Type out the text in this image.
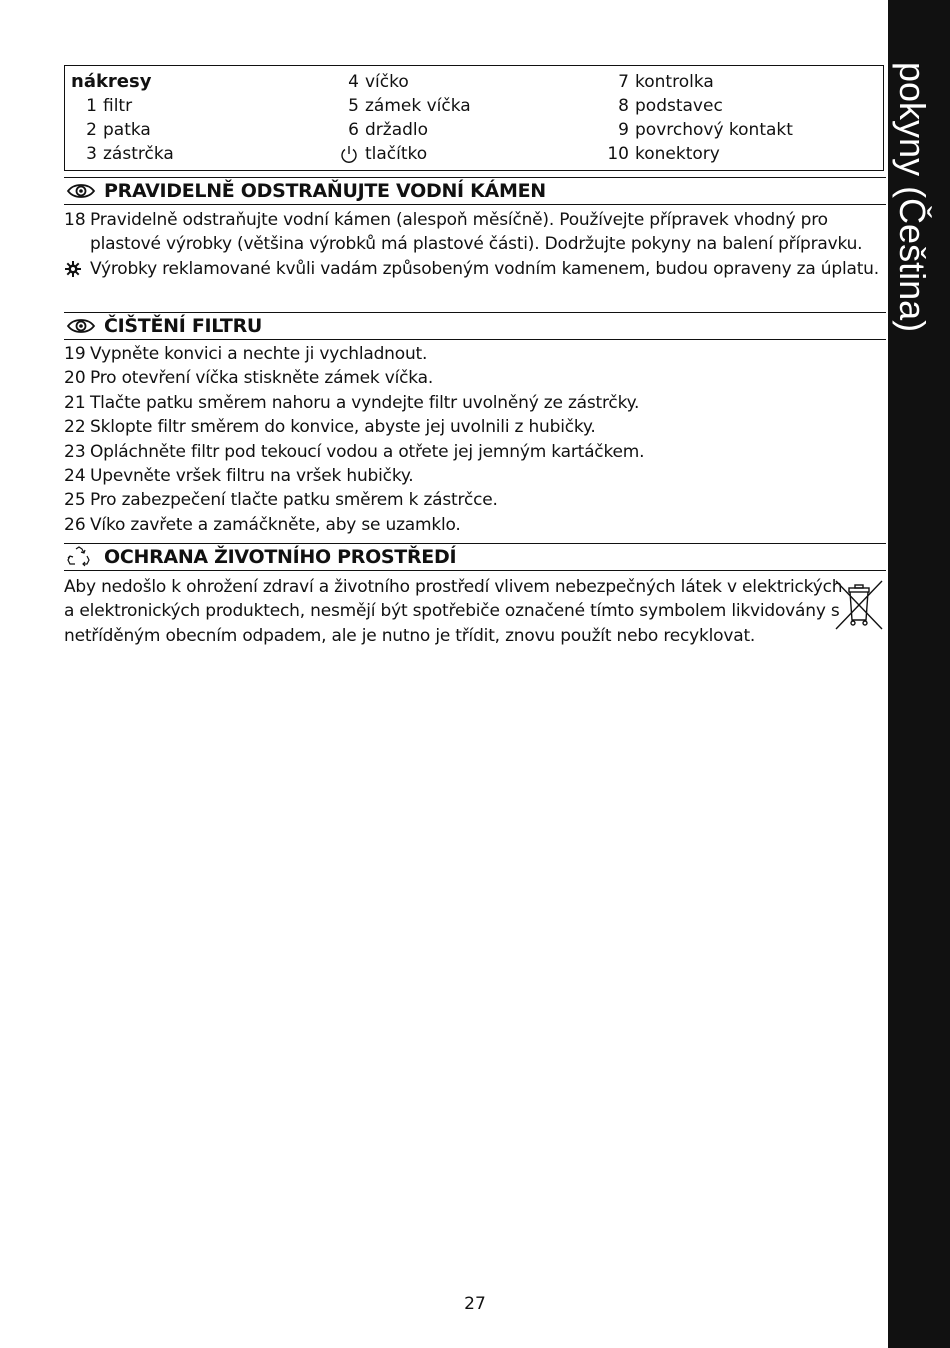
pokyny (Čeština)
nákresy
1 filtr
2 patka
3 zástrčka
4 víčko
5 zámek víčka
6 držadlo
tlačítko
7 kontrolka
8 podstavec
9 povrchový kontakt
10 konektory
PRAVIDELNĚ ODSTRAŇUJTE VODNÍ KÁMEN
18 Pravidelně odstraňujte vodní kámen (alespoň měsíčně). Používejte přípravek vhodný pro plastové výrobky (většina výrobků má plastové části). Dodržujte pokyny na balení přípravku.
Výrobky reklamované kvůli vadám způsobeným vodním kamenem, budou opraveny za úplatu.
ČIŠTĚNÍ FILTRU
19 Vypněte konvici a nechte ji vychladnout.
20 Pro otevření víčka stiskněte zámek víčka.
21 Tlačte patku směrem nahoru a vyndejte filtr uvolněný ze zástrčky.
22 Sklopte filtr směrem do konvice, abyste jej uvolnili z hubičky.
23 Opláchněte filtr pod tekoucí vodou a otřete jej jemným kartáčkem.
24 Upevněte vršek filtru na vršek hubičky.
25 Pro zabezpečení tlačte patku směrem k zástrčce.
26 Víko zavřete a zamáčkněte, aby se uzamklo.
OCHRANA ŽIVOTNÍHO PROSTŘEDÍ
Aby nedošlo k ohrožení zdraví a životního prostředí vlivem nebezpečných látek v elektrických a elektronických produktech, nesmějí být spotřebiče označené tímto symbolem likvidovány s netříděným obecním odpadem, ale je nutno je třídit, znovu použít nebo recyklovat.
27
